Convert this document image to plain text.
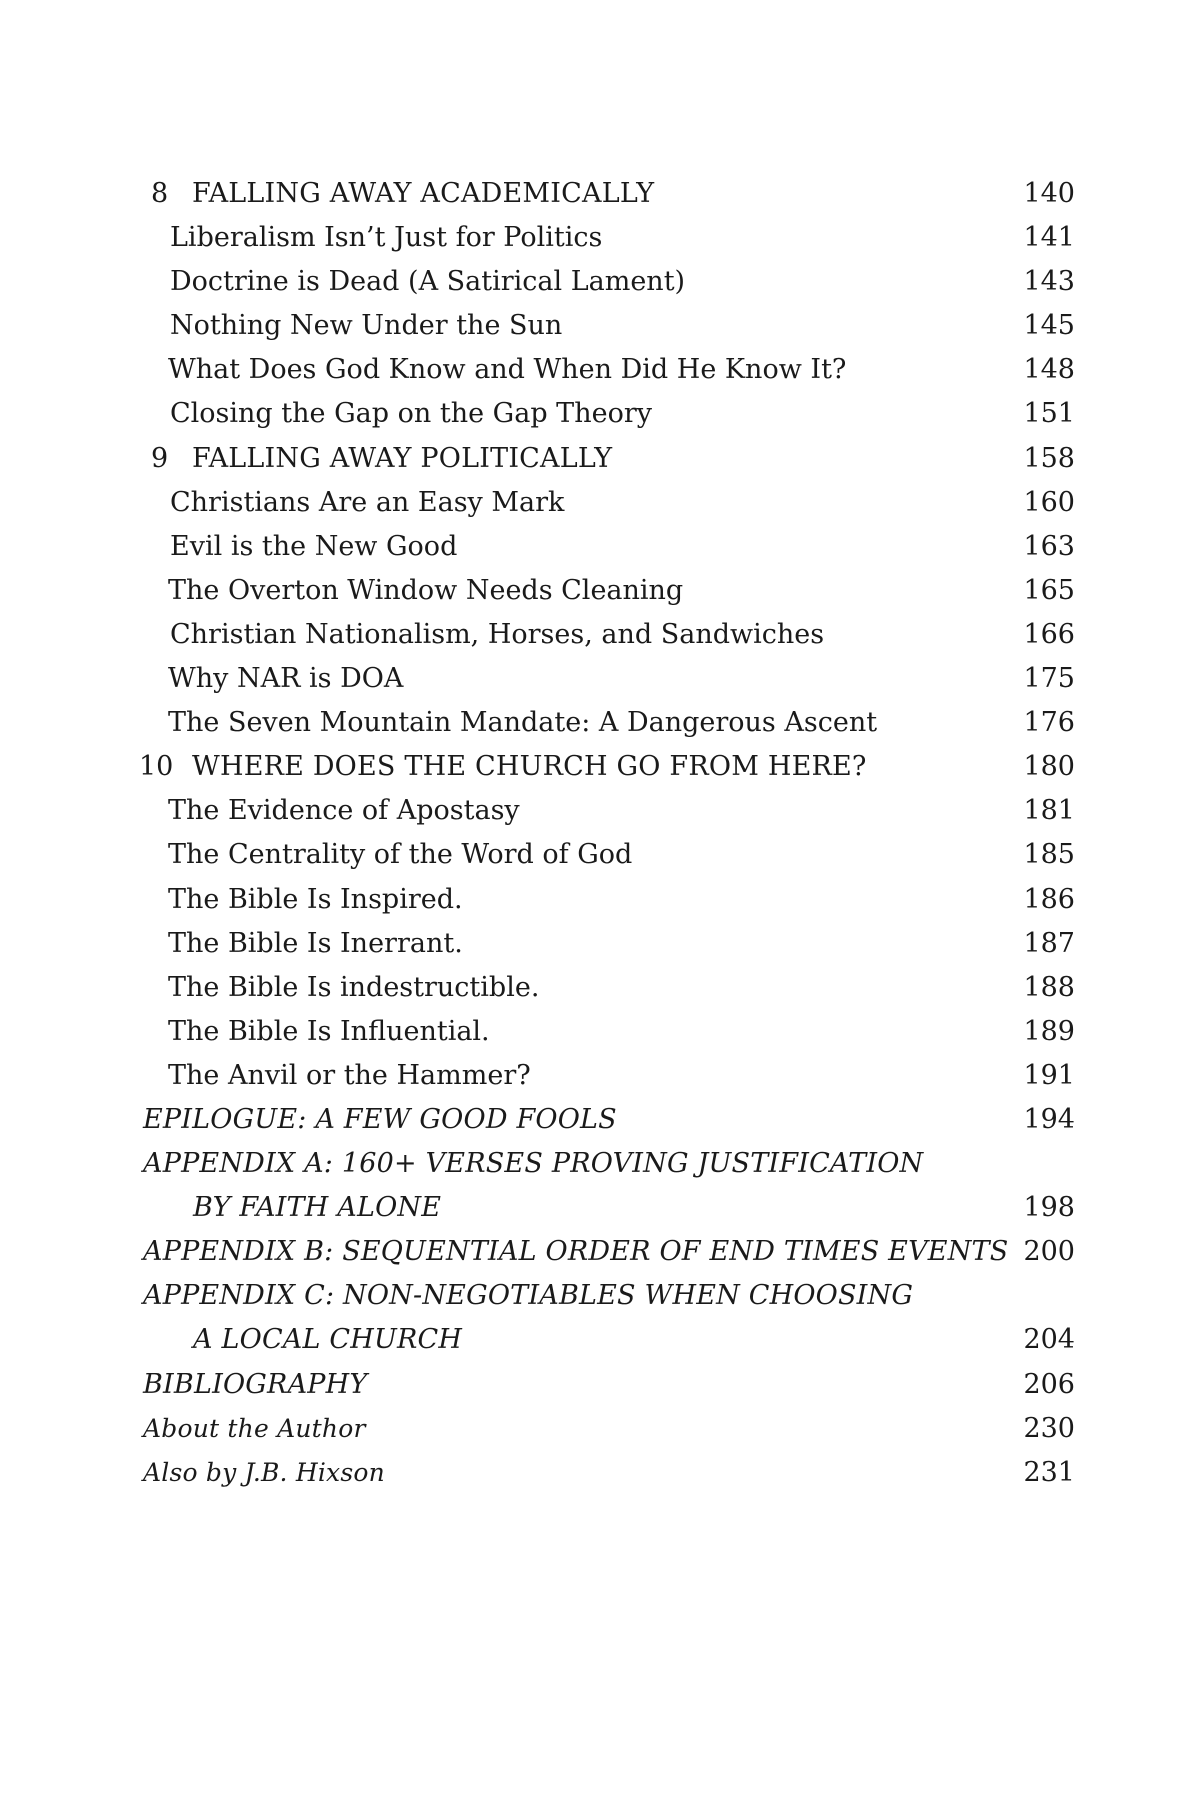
8 FALLING AWAY ACADEMICALLY	140
Liberalism Isn’t Just for Politics	141
Doctrine is Dead (A Satirical Lament)	143
Nothing New Under the Sun	145
What Does God Know and When Did He Know It?	148
Closing the Gap on the Gap Theory	151
9 FALLING AWAY POLITICALLY	158
Christians Are an Easy Mark	160
Evil is the New Good	163
The Overton Window Needs Cleaning	165
Christian Nationalism, Horses, and Sandwiches	166
Why NAR is DOA	175
The Seven Mountain Mandate: A Dangerous Ascent	176
10 WHERE DOES THE CHURCH GO FROM HERE?	180
The Evidence of Apostasy	181
The Centrality of the Word of God	185
The Bible Is Inspired.	186
The Bible Is Inerrant.	187
The Bible Is indestructible.	188
The Bible Is Influential.	189
The Anvil or the Hammer?	191
EPILOGUE: A FEW GOOD FOOLS	194
APPENDIX A: 160+ VERSES PROVING JUSTIFICATION
BY FAITH ALONE	198
APPENDIX B: SEQUENTIAL ORDER OF END TIMES EVENTS 200
APPENDIX C: NON-NEGOTIABLES WHEN CHOOSING
A LOCAL CHURCH	204
BIBLIOGRAPHY	206
About the Author	230
Also by J.B. Hixson	231
